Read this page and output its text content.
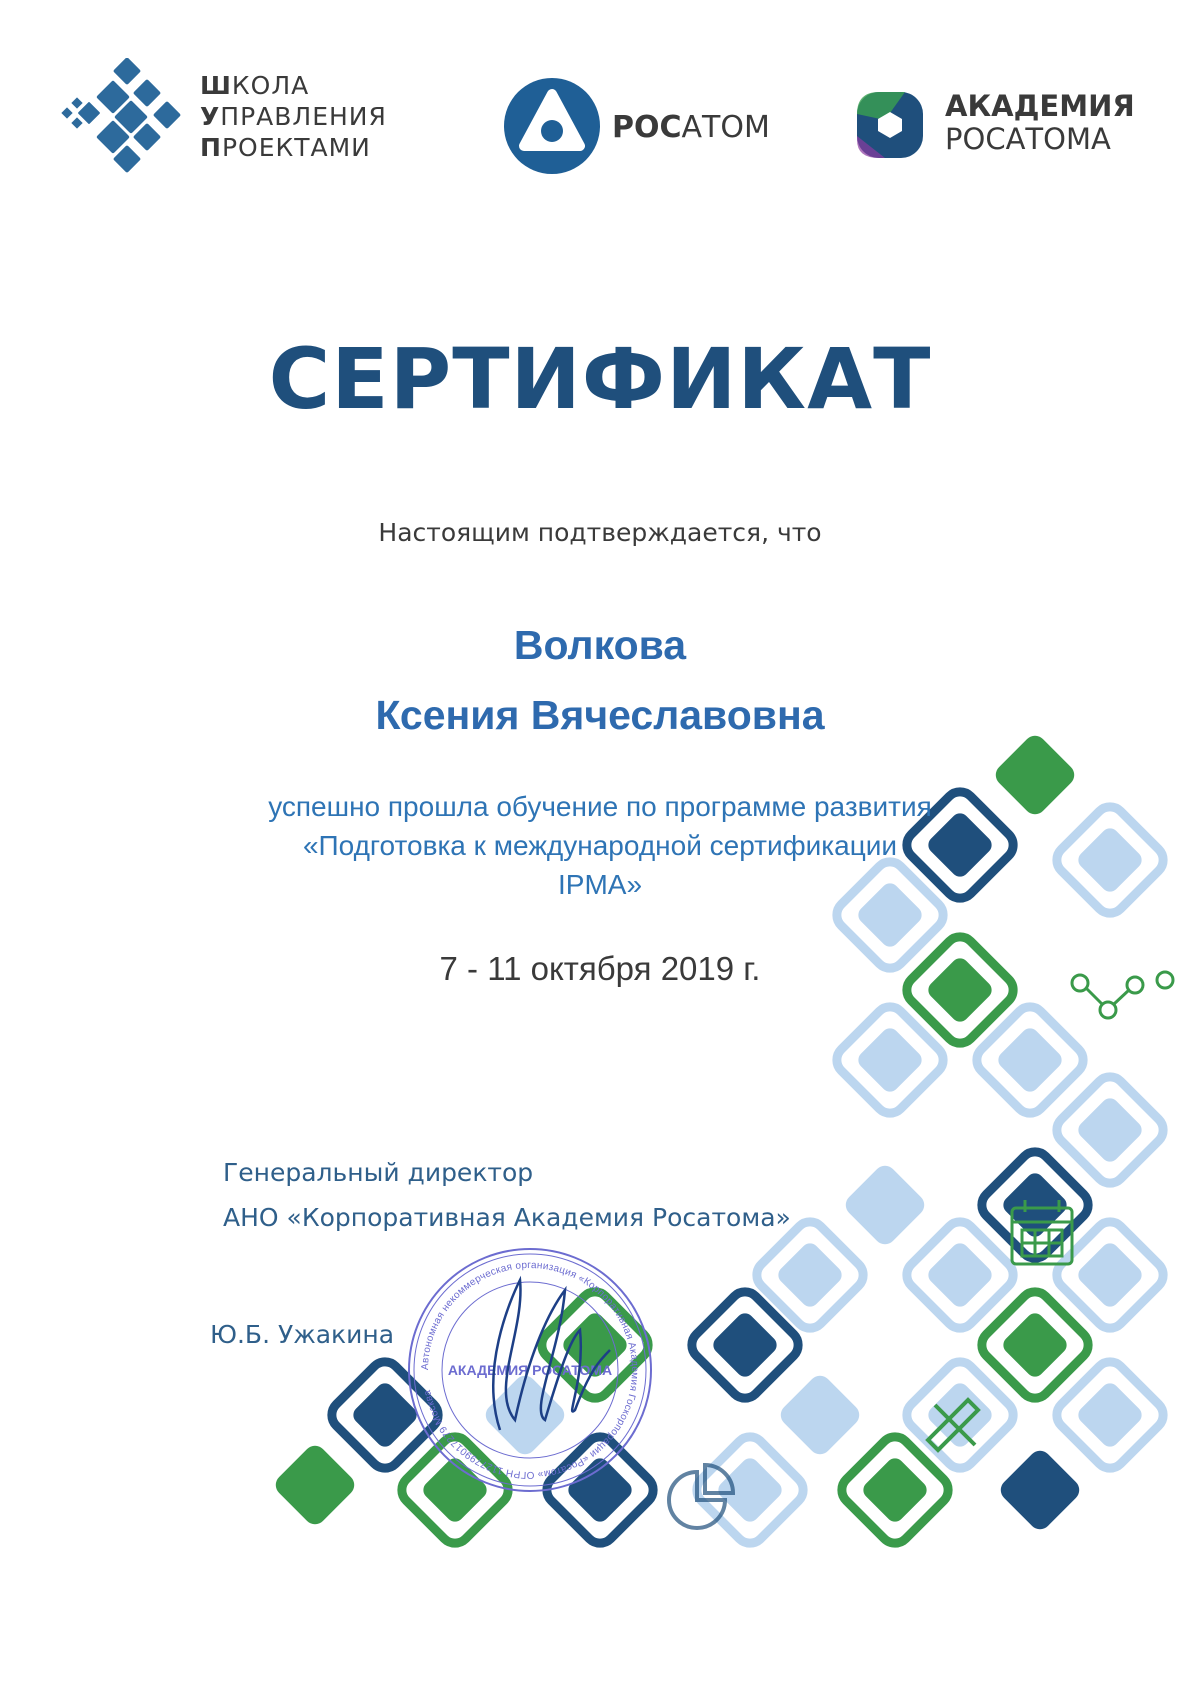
ШКОЛА
УПРАВЛЕНИЯ
ПРОЕКТАМИ
РОСАТОМ
АКАДЕМИЯ
РОСАТОМА
СЕРТИФИКАТ
Настоящим подтверждается, что
Волкова
Ксения Вячеславовна
успешно прошла обучение по программе развития
«Подготовка к международной сертификации
IPMA»
7 - 11 октября 2019 г.
Генеральный директор
АНО «Корпоративная Академия Росатома»
Ю.Б. Ужакина
Автономная некоммерческая организация «Корпоративная Академия Госкорпорации «Росатом» ОГРН 1127799017279 Москва
АКАДЕМИЯ РОСАТОМА
